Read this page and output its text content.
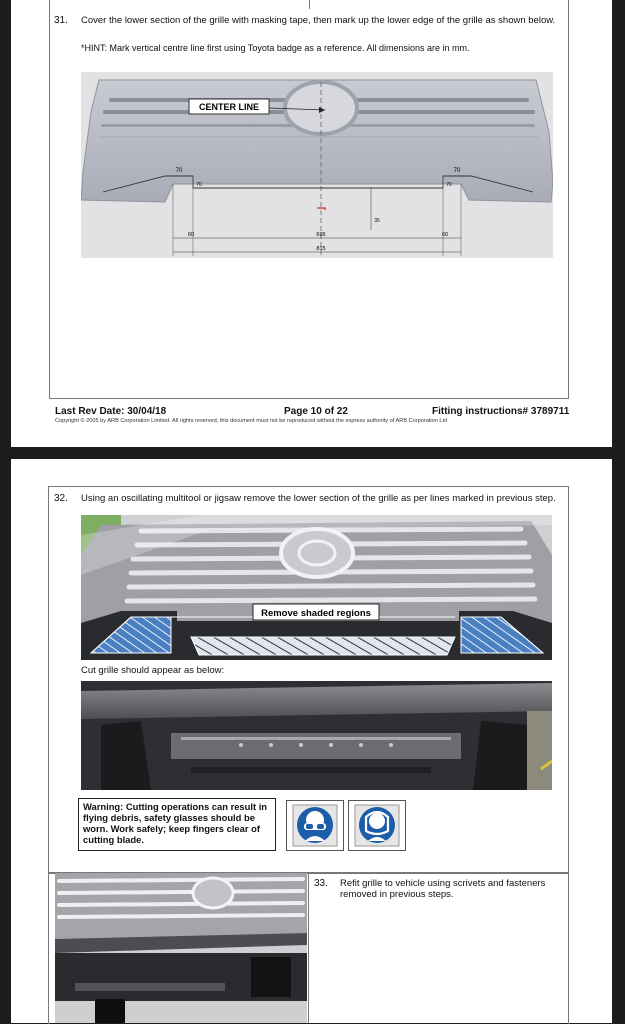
31. Cover the lower section of the grille with masking tape, then mark up the lower edge of the grille as shown below.
*HINT: Mark vertical centre line first using Toyota badge as a reference. All dimensions are in mm.
CENTER LINE
70	70
70	70
60	60
695
815
35
Last Rev Date: 30/04/18	Page 10 of 22	Fitting instructions# 3789711
Copyright © 2005 by ARB Corporation Limited. All rights reserved, this document must not be reproduced without the express authority of ARB Corporation Ltd
32. Using an oscillating multitool or jigsaw remove the lower section of the grille as per lines marked in previous step.
Remove shaded regions
Cut grille should appear as below:
Warning: Cutting operations can result in flying debris, safety glasses should be worn. Work safely; keep fingers clear of cutting blade.
33. Refit grille to vehicle using scrivets and fasteners removed in previous steps.
